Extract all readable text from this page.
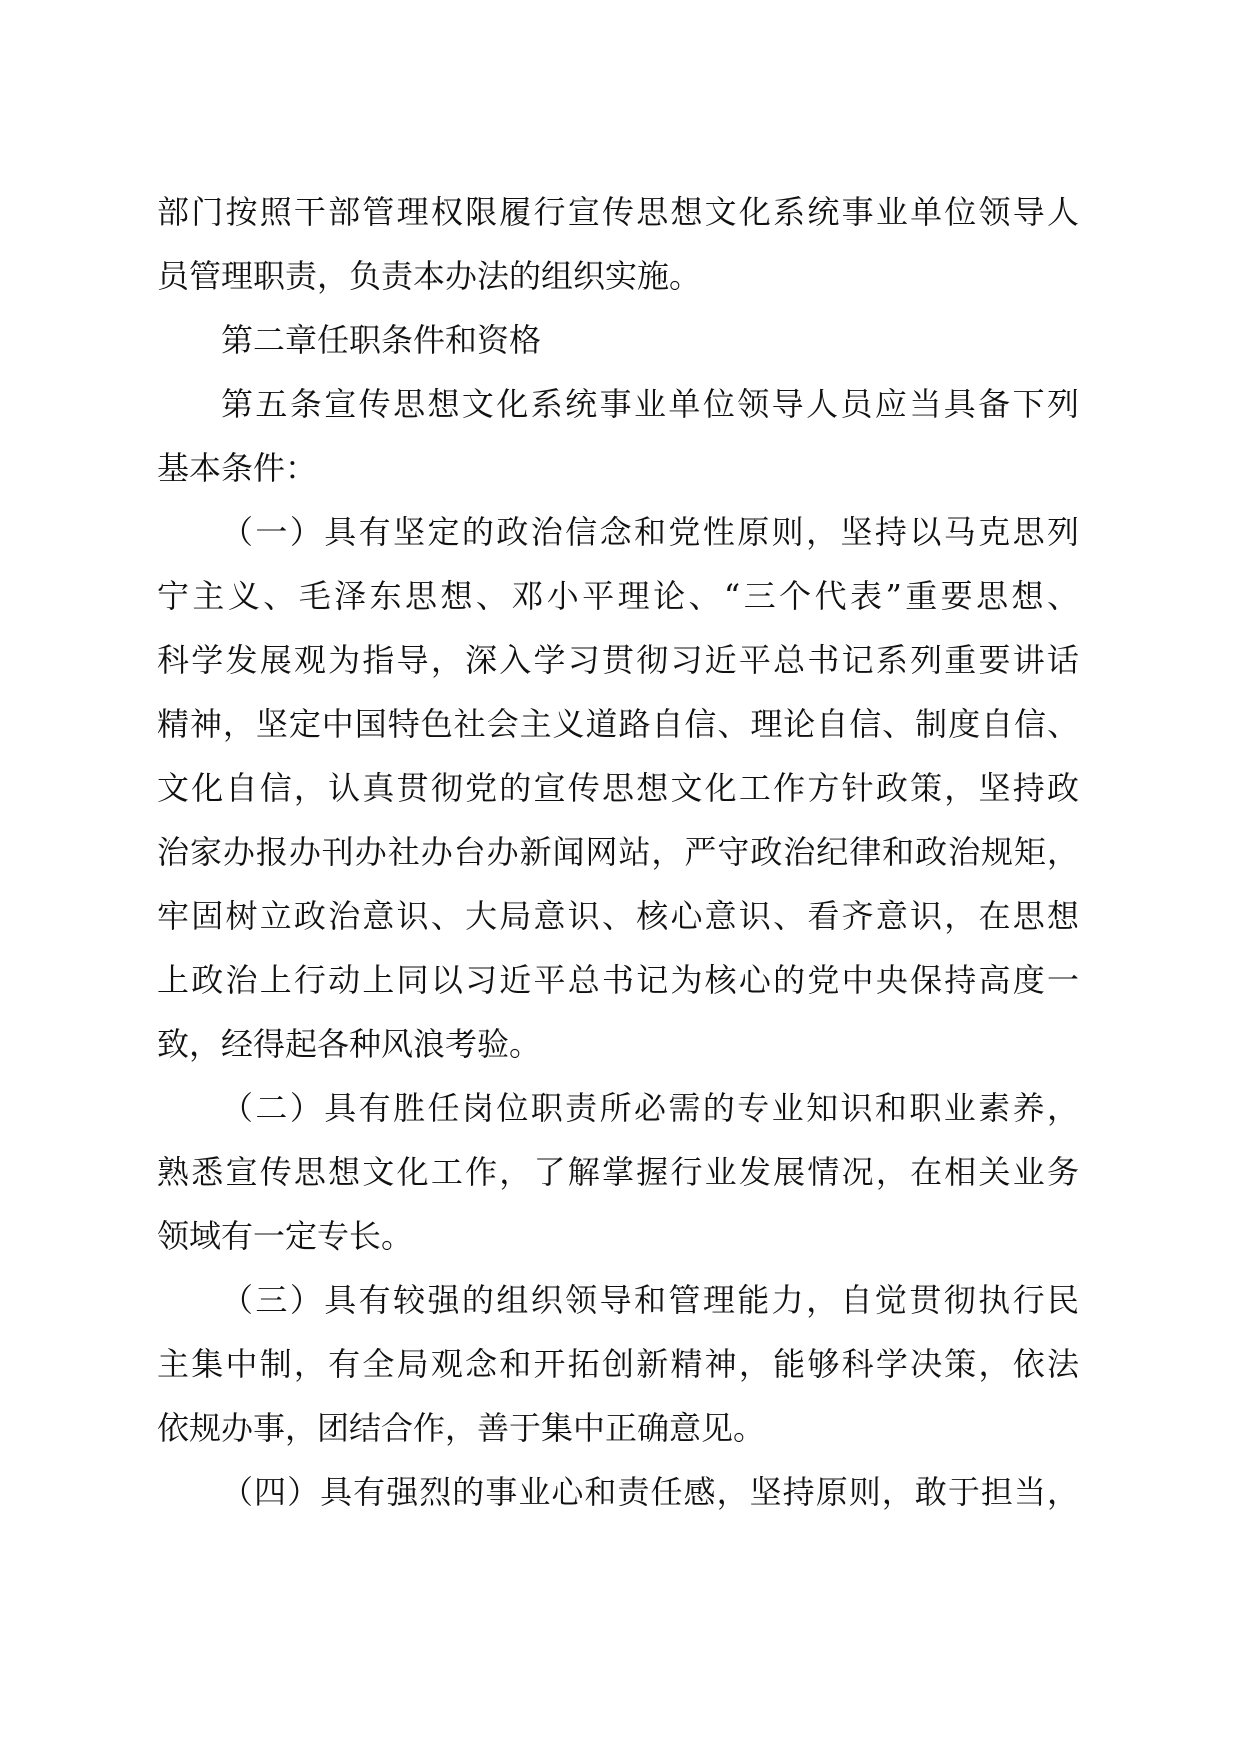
部门按照干部管理权限履行宣传思想文化系统事业单位领导人
员管理职责，负责本办法的组织实施。
第二章任职条件和资格
第五条宣传思想文化系统事业单位领导人员应当具备下列
基本条件：
（一）具有坚定的政治信念和党性原则，坚持以马克思列
宁主义、毛泽东思想、邓小平理论、“三个代表”重要思想、
科学发展观为指导，深入学习贯彻习近平总书记系列重要讲话
精神，坚定中国特色社会主义道路自信、理论自信、制度自信、
文化自信，认真贯彻党的宣传思想文化工作方针政策，坚持政
治家办报办刊办社办台办新闻网站，严守政治纪律和政治规矩，
牢固树立政治意识、大局意识、核心意识、看齐意识，在思想
上政治上行动上同以习近平总书记为核心的党中央保持高度一
致，经得起各种风浪考验。
（二）具有胜任岗位职责所必需的专业知识和职业素养，
熟悉宣传思想文化工作，了解掌握行业发展情况，在相关业务
领域有一定专长。
（三）具有较强的组织领导和管理能力，自觉贯彻执行民
主集中制，有全局观念和开拓创新精神，能够科学决策，依法
依规办事，团结合作，善于集中正确意见。
（四）具有强烈的事业心和责任感，坚持原则，敢于担当，
